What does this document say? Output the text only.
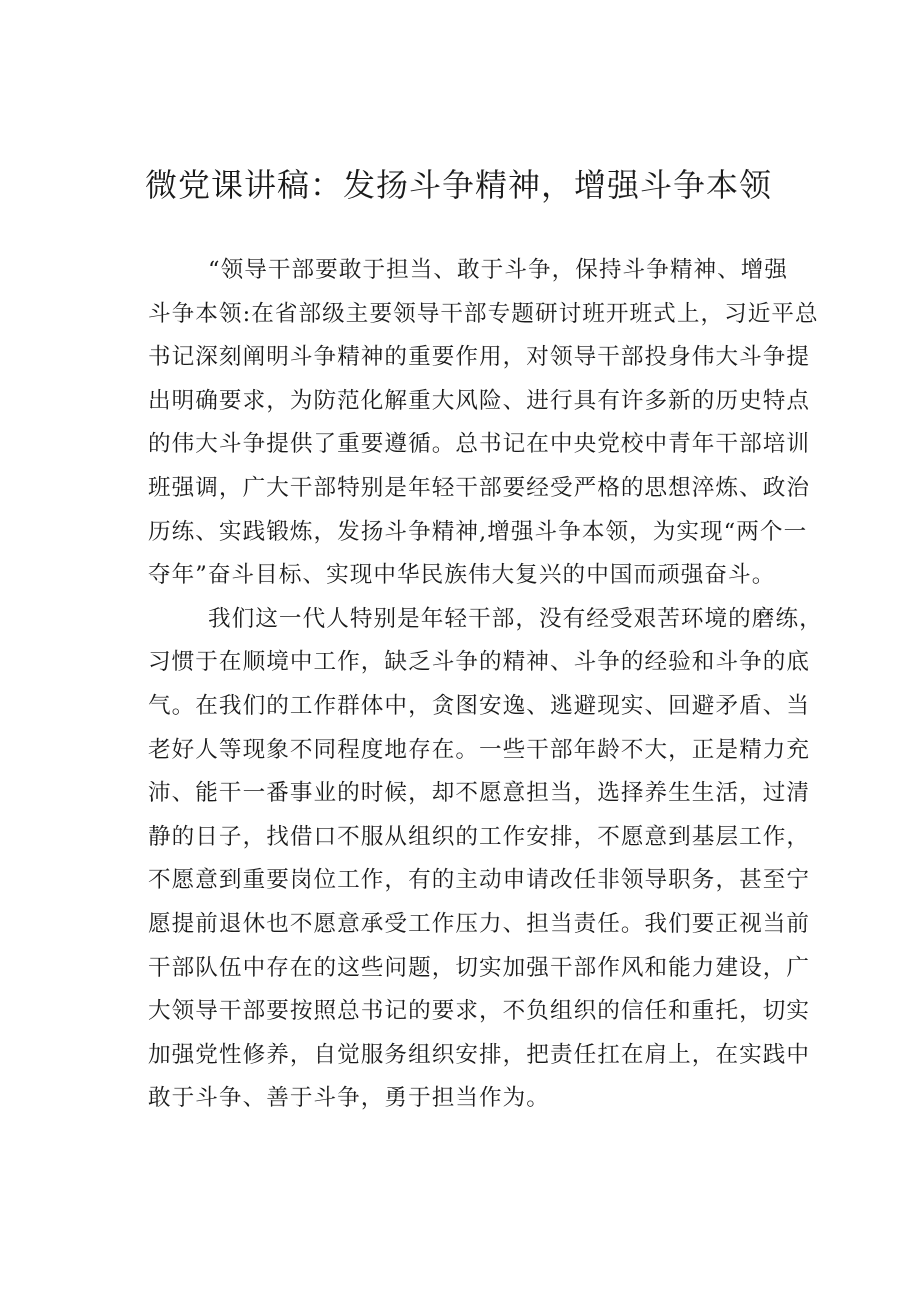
微党课讲稿：发扬斗争精神，增强斗争本领
“领导干部要敢于担当、敢于斗争，保持斗争精神、增强
斗争本领:在省部级主要领导干部专题研讨班开班式上，习近平总
书记深刻阐明斗争精神的重要作用，对领导干部投身伟大斗争提
出明确要求，为防范化解重大风险、进行具有许多新的历史特点
的伟大斗争提供了重要遵循。总书记在中央党校中青年干部培训
班强调，广大干部特别是年轻干部要经受严格的思想淬炼、政治
历练、实践锻炼，发扬斗争精神,增强斗争本领，为实现“两个一
夺年”奋斗目标、实现中华民族伟大复兴的中国而顽强奋斗。
我们这一代人特别是年轻干部，没有经受艰苦环境的磨练，
习惯于在顺境中工作，缺乏斗争的精神、斗争的经验和斗争的底
气。在我们的工作群体中，贪图安逸、逃避现实、回避矛盾、当
老好人等现象不同程度地存在。一些干部年龄不大，正是精力充
沛、能干一番事业的时候，却不愿意担当，选择养生生活，过清
静的日子，找借口不服从组织的工作安排，不愿意到基层工作，
不愿意到重要岗位工作，有的主动申请改任非领导职务，甚至宁
愿提前退休也不愿意承受工作压力、担当责任。我们要正视当前
干部队伍中存在的这些问题，切实加强干部作风和能力建设，广
大领导干部要按照总书记的要求，不负组织的信任和重托，切实
加强党性修养，自觉服务组织安排，把责任扛在肩上，在实践中
敢于斗争、善于斗争，勇于担当作为。
